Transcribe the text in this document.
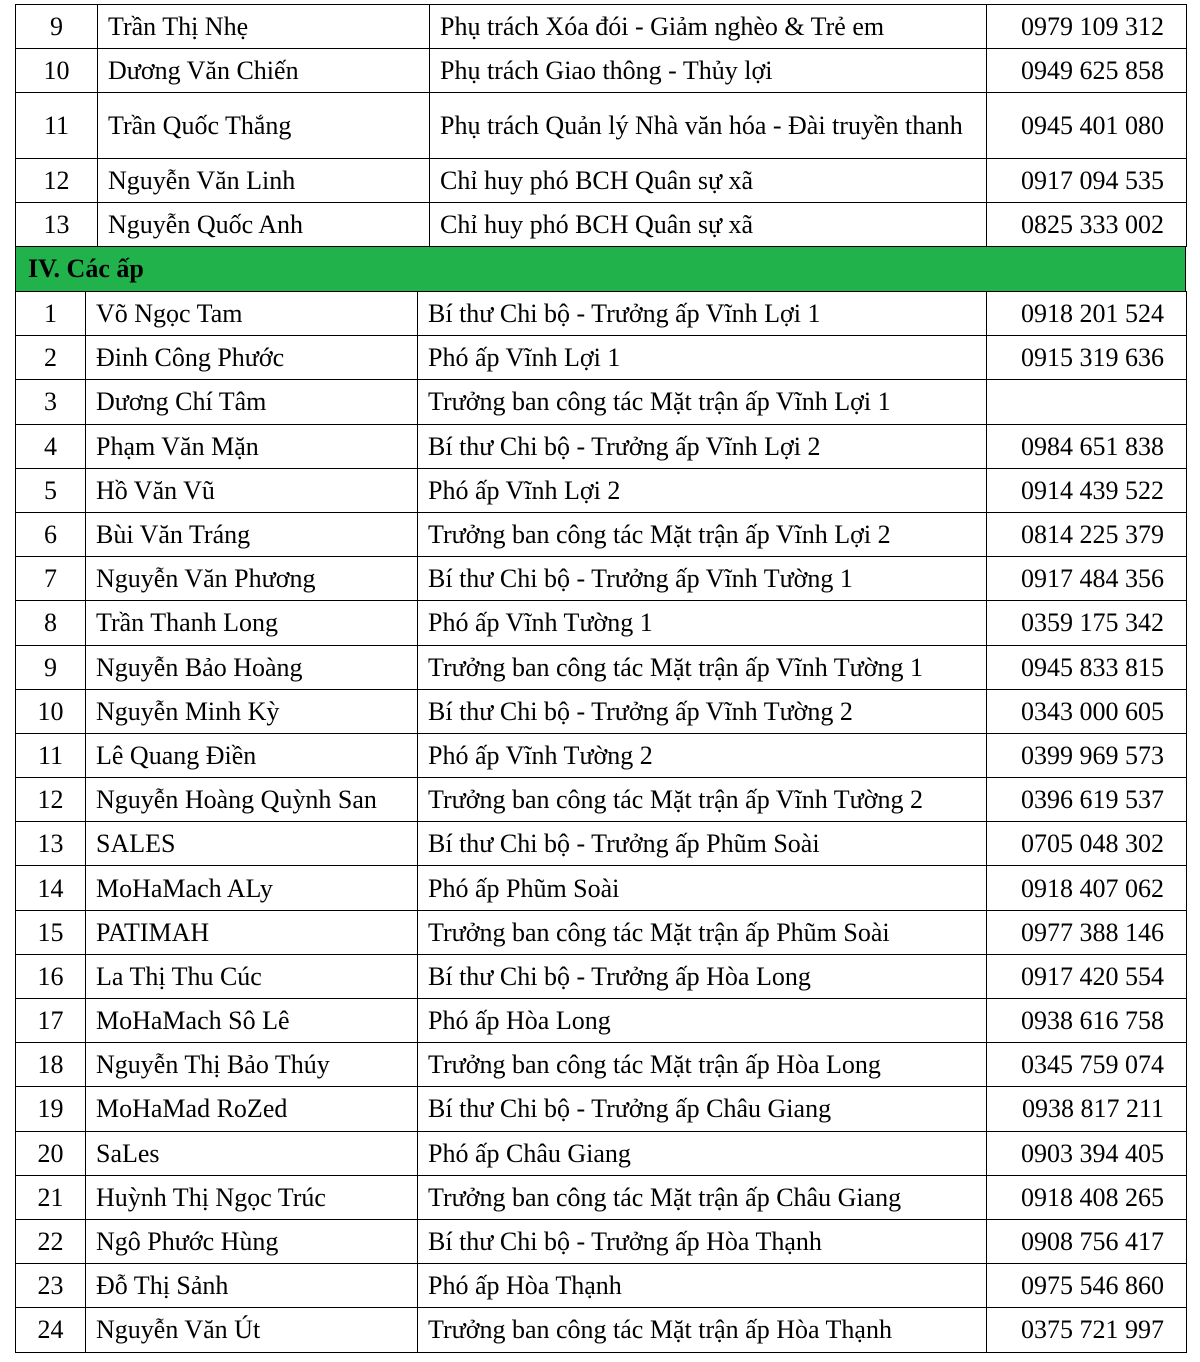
9	Trần Thị Nhẹ	Phụ trách Xóa đói - Giảm nghèo & Trẻ em	0979 109 312
10	Dương Văn Chiến	Phụ trách Giao thông - Thủy lợi	0949 625 858
11	Trần Quốc Thắng	Phụ trách Quản lý Nhà văn hóa - Đài truyền thanh	0945 401 080
12	Nguyễn Văn Linh	Chỉ huy phó BCH Quân sự xã	0917 094 535
13	Nguyễn Quốc Anh	Chỉ huy phó BCH Quân sự xã	0825 333 002
IV. Các ấp
1	Võ Ngọc Tam	Bí thư Chi bộ - Trưởng ấp Vĩnh Lợi 1	0918 201 524
2	Đinh Công Phước	Phó ấp Vĩnh Lợi 1	0915 319 636
3	Dương Chí Tâm	Trưởng ban công tác Mặt trận ấp Vĩnh Lợi 1	
4	Phạm Văn Mặn	Bí thư Chi bộ - Trưởng ấp Vĩnh Lợi 2	0984 651 838
5	Hồ Văn Vũ	Phó ấp Vĩnh Lợi 2	0914 439 522
6	Bùi Văn Tráng	Trưởng ban công tác Mặt trận ấp Vĩnh Lợi 2	0814 225 379
7	Nguyễn Văn Phương	Bí thư Chi bộ - Trưởng ấp Vĩnh Tường 1	0917 484 356
8	Trần Thanh Long	Phó ấp Vĩnh Tường 1	0359 175 342
9	Nguyễn Bảo Hoàng	Trưởng ban công tác Mặt trận ấp Vĩnh Tường 1	0945 833 815
10	Nguyễn Minh Kỳ	Bí thư Chi bộ - Trưởng ấp Vĩnh Tường 2	0343 000 605
11	Lê Quang Điền	Phó ấp Vĩnh Tường 2	0399 969 573
12	Nguyễn Hoàng Quỳnh San	Trưởng ban công tác Mặt trận ấp Vĩnh Tường 2	0396 619 537
13	SALES	Bí thư Chi bộ - Trưởng ấp Phũm Soài	0705 048 302
14	MoHaMach ALy	Phó ấp Phũm Soài	0918 407 062
15	PATIMAH	Trưởng ban công tác Mặt trận ấp Phũm Soài	0977 388 146
16	La Thị Thu Cúc	Bí thư Chi bộ - Trưởng ấp Hòa Long	0917 420 554
17	MoHaMach Sô Lê	Phó ấp Hòa Long	0938 616 758
18	Nguyễn Thị Bảo Thúy	Trưởng ban công tác Mặt trận ấp Hòa Long	0345 759 074
19	MoHaMad RoZed	Bí thư Chi bộ - Trưởng ấp Châu Giang	0938 817 211
20	SaLes	Phó ấp Châu Giang	0903 394 405
21	Huỳnh Thị Ngọc Trúc	Trưởng ban công tác Mặt trận ấp Châu Giang	0918 408 265
22	Ngô Phước Hùng	Bí thư Chi bộ - Trưởng ấp Hòa Thạnh	0908 756 417
23	Đỗ Thị Sảnh	Phó ấp Hòa Thạnh	0975 546 860
24	Nguyễn Văn Út	Trưởng ban công tác Mặt trận ấp Hòa Thạnh	0375 721 997
